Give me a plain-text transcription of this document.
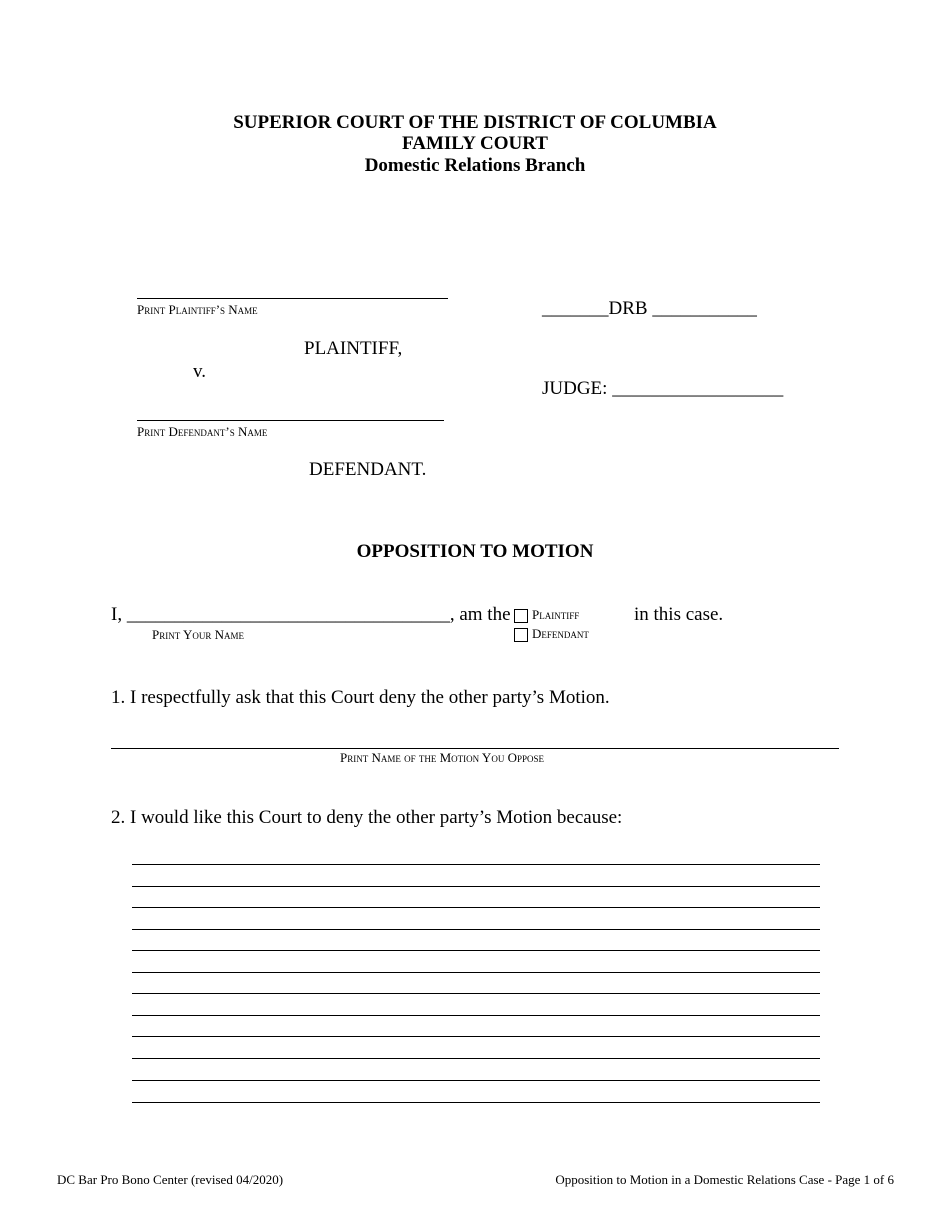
SUPERIOR COURT OF THE DISTRICT OF COLUMBIA
FAMILY COURT
Domestic Relations Branch
Print Plaintiff’s Name
PLAINTIFF,
v.
Print Defendant’s Name
DEFENDANT.
_______DRB ___________
JUDGE: __________________
OPPOSITION TO MOTION
I, __________________________________, am the
Print Your Name
Plaintiff
Defendant
in this case.
1. I respectfully ask that this Court deny the other party’s Motion.
Print Name of the Motion You Oppose
2. I would like this Court to deny the other party’s Motion because:
DC Bar Pro Bono Center (revised 04/2020)	Opposition to Motion in a Domestic Relations Case - Page 1 of 6
